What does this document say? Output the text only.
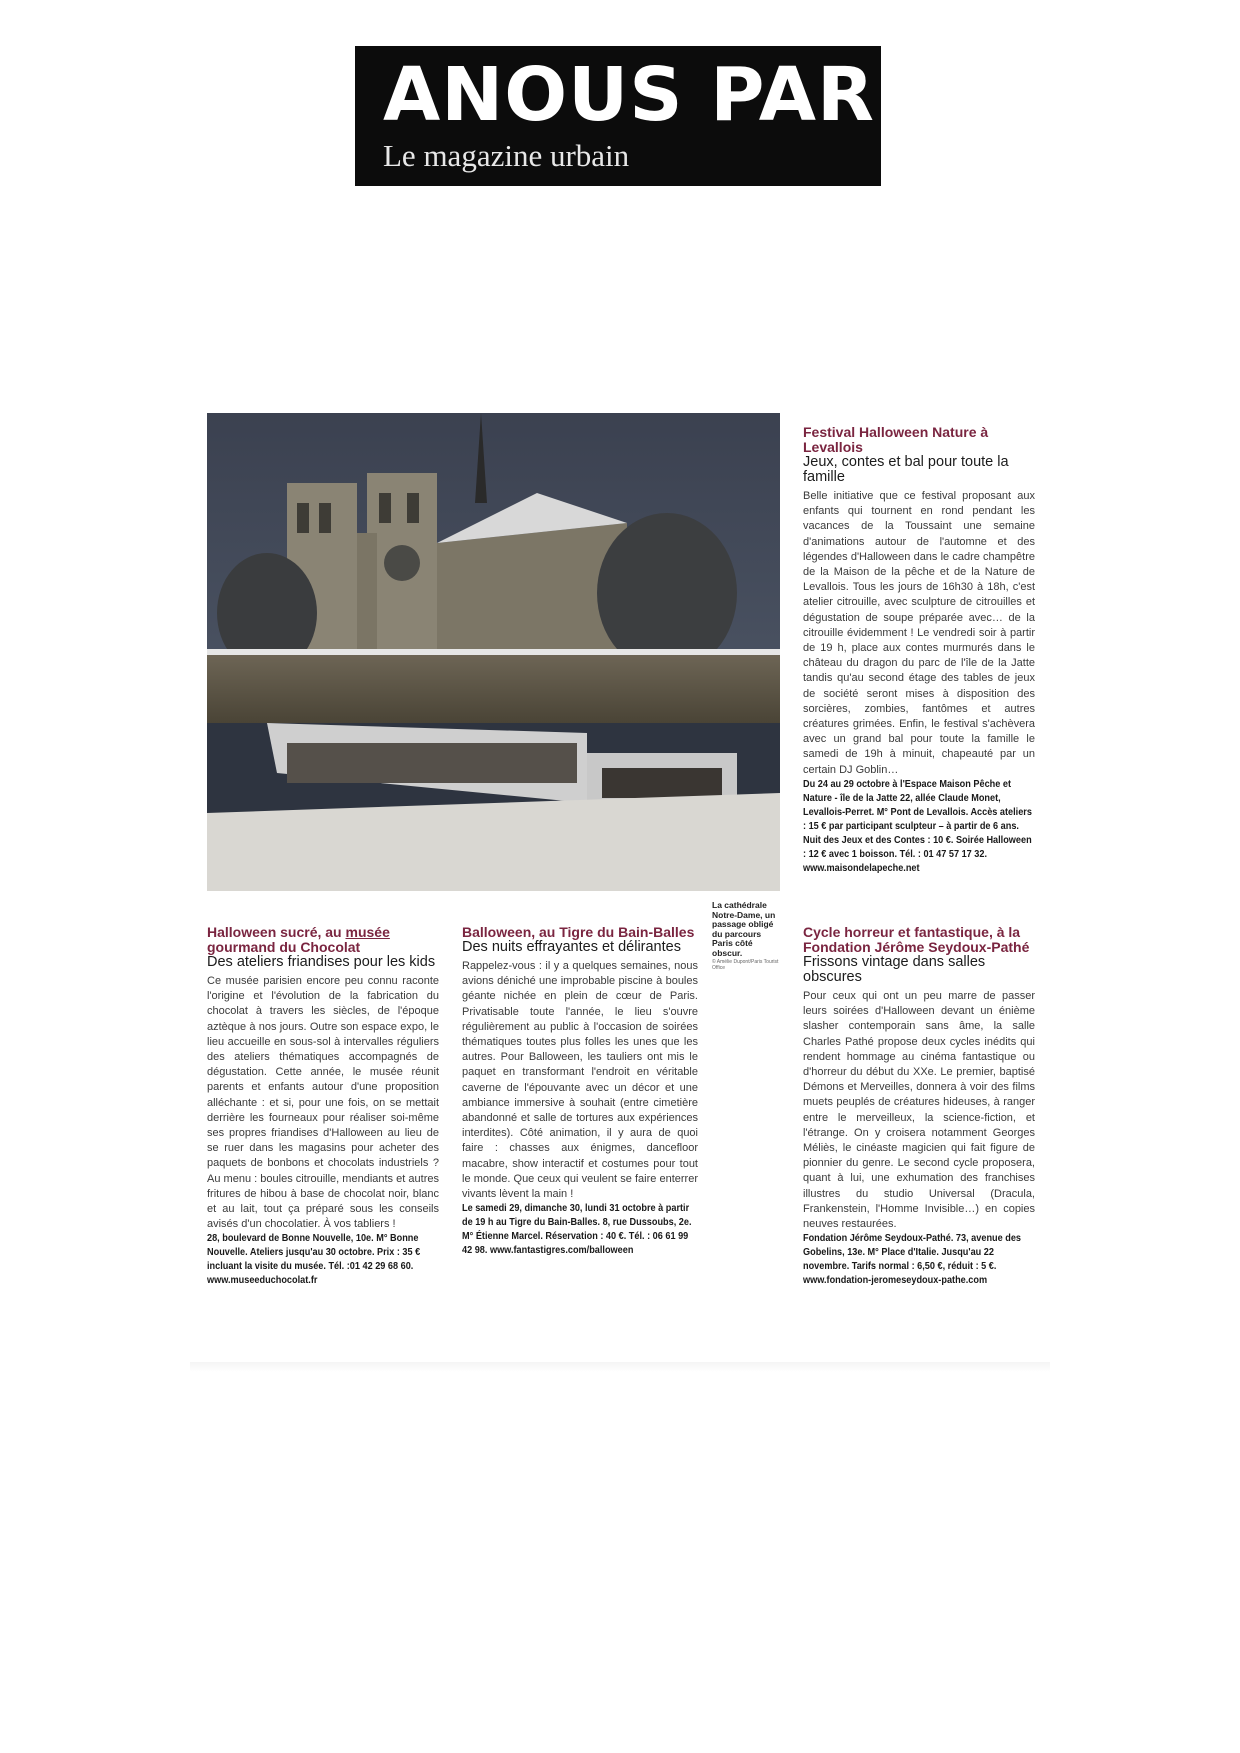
ANOUS PARIS
Le magazine urbain
La cathédrale Notre-Dame, un passage obligé du parcours Paris côté obscur.
© Amélie Dupont/Paris Tourist Office

Festival Halloween Nature à Levallois

Jeux, contes et bal pour toute la famille

Belle initiative que ce festival proposant aux enfants qui tournent en rond pendant les vacances de la Toussaint une semaine d'animations autour de l'automne et des légendes d'Halloween dans le cadre champêtre de la Maison de la pêche et de la Nature de Levallois. Tous les jours de 16h30 à 18h, c'est atelier citrouille, avec sculpture de citrouilles et dégustation de soupe préparée avec… de la citrouille évidemment ! Le vendredi soir à partir de 19 h, place aux contes murmurés dans le château du dragon du parc de l'île de la Jatte tandis qu'au second étage des tables de jeux de société seront mises à disposition des sorcières, zombies, fantômes et autres créatures grimées. Enfin, le festival s'achèvera avec un grand bal pour toute la famille le samedi de 19h à minuit, chapeauté par un certain DJ Goblin…

Du 24 au 29 octobre à l'Espace Maison Pêche et Nature - île de la Jatte 22, allée Claude Monet, Levallois-Perret. M° Pont de Levallois. Accès ateliers : 15 € par participant sculpteur – à partir de 6 ans. Nuit des Jeux et des Contes : 10 €. Soirée Halloween : 12 € avec 1 boisson. Tél. : 01 47 57 17 32. www.maisondelapeche.net

Halloween sucré, au musée gourmand du Chocolat

Des ateliers friandises pour les kids

Ce musée parisien encore peu connu raconte l'origine et l'évolution de la fabrication du chocolat à travers les siècles, de l'époque aztèque à nos jours. Outre son espace expo, le lieu accueille en sous-sol à intervalles réguliers des ateliers thématiques accompagnés de dégustation. Cette année, le musée réunit parents et enfants autour d'une proposition alléchante : et si, pour une fois, on se mettait derrière les fourneaux pour réaliser soi-même ses propres friandises d'Halloween au lieu de se ruer dans les magasins pour acheter des paquets de bonbons et chocolats industriels ? Au menu : boules citrouille, mendiants et autres fritures de hibou à base de chocolat noir, blanc et au lait, tout ça préparé sous les conseils avisés d'un chocolatier. À vos tabliers !

28, boulevard de Bonne Nouvelle, 10e. M° Bonne Nouvelle. Ateliers jusqu'au 30 octobre. Prix : 35 € incluant la visite du musée. Tél. :01 42 29 68 60. www.museeduchocolat.fr

Balloween, au Tigre du Bain-Balles

Des nuits effrayantes et délirantes

Rappelez-vous : il y a quelques semaines, nous avions déniché une improbable piscine à boules géante nichée en plein de cœur de Paris. Privatisable toute l'année, le lieu s'ouvre régulièrement au public à l'occasion de soirées thématiques toutes plus folles les unes que les autres. Pour Balloween, les tauliers ont mis le paquet en transformant l'endroit en véritable caverne de l'épouvante avec un décor et une ambiance immersive à souhait (entre cimetière abandonné et salle de tortures aux expériences interdites). Côté animation, il y aura de quoi faire : chasses aux énigmes, dancefloor macabre, show interactif et costumes pour tout le monde. Que ceux qui veulent se faire enterrer vivants lèvent la main !

Le samedi 29, dimanche 30, lundi 31 octobre à partir de 19 h au Tigre du Bain-Balles. 8, rue Dussoubs, 2e. M° Étienne Marcel. Réservation : 40 €. Tél. : 06 61 99 42 98. www.fantastigres.com/balloween

Cycle horreur et fantastique, à la Fondation Jérôme Seydoux-Pathé

Frissons vintage dans salles obscures

Pour ceux qui ont un peu marre de passer leurs soirées d'Halloween devant un énième slasher contemporain sans âme, la salle Charles Pathé propose deux cycles inédits qui rendent hommage au cinéma fantastique ou d'horreur du début du XXe. Le premier, baptisé Démons et Merveilles, donnera à voir des films muets peuplés de créatures hideuses, à ranger entre le merveilleux, la science-fiction, et l'étrange. On y croisera notamment Georges Méliès, le cinéaste magicien qui fait figure de pionnier du genre. Le second cycle proposera, quant à lui, une exhumation des franchises illustres du studio Universal (Dracula, Frankenstein, l'Homme Invisible…) en copies neuves restaurées.

Fondation Jérôme Seydoux-Pathé. 73, avenue des Gobelins, 13e. M° Place d'Italie. Jusqu'au 22 novembre. Tarifs normal : 6,50 €, réduit : 5 €. www.fondation-jeromeseydoux-pathe.com
